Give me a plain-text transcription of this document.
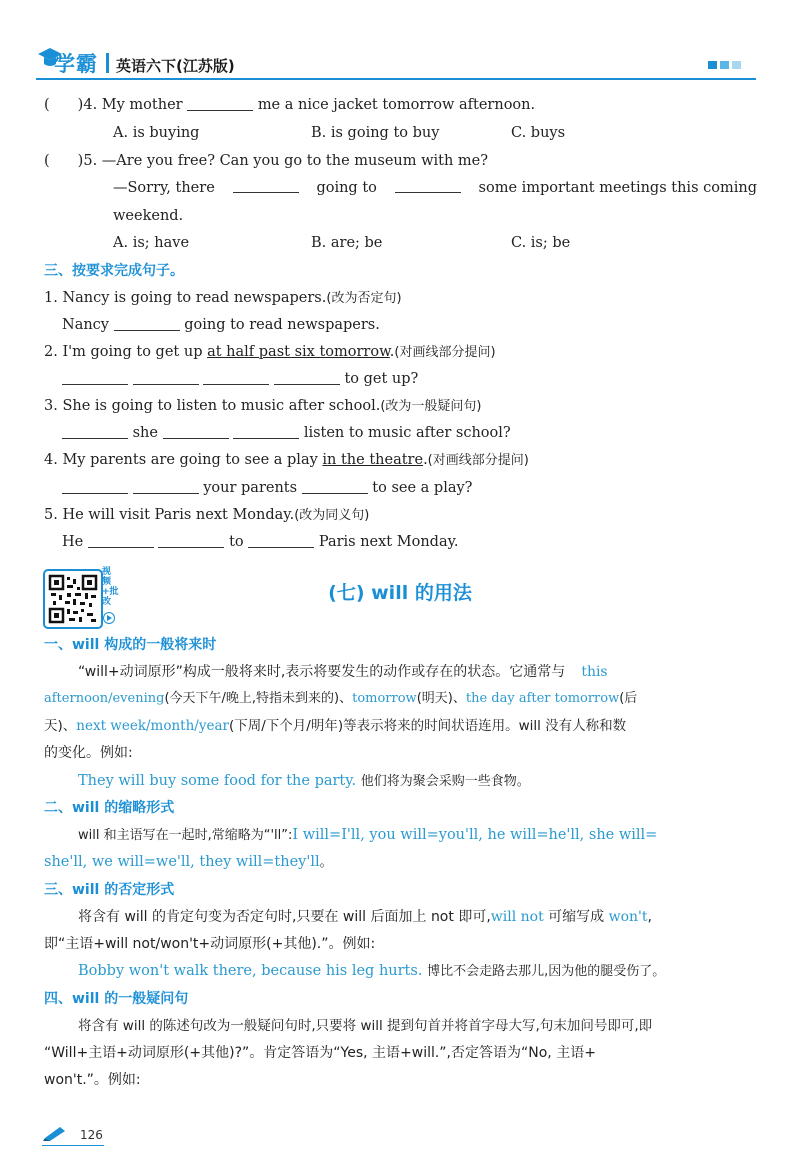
学霸 英语六下(江苏版)
( )4. My mother	me a nice jacket tomorrow afternoon.
A. is buying	B. is going to buy	C. buys
( )5. —Are you free? Can you go to the museum with me?
—Sorry, there	going to	some important meetings this coming
weekend.
A. is; have	B. are; be	C. is; be
三、按要求完成句子。
1. Nancy is going to read newspapers.(改为否定句)
Nancy	going to read newspapers.
2. I'm going to get up at half past six tomorrow.(对画线部分提问)
to get up?
3. She is going to listen to music after school.(改为一般疑问句)
she	listen to music after school?
4. My parents are going to see a play in the theatre.(对画线部分提问)
your parents	to see a play?
5. He will visit Paris next Monday.(改为同义句)
He	to	Paris next Monday.
视频+批改	(七) will 的用法
一、will 构成的一般将来时
“will+动词原形”构成一般将来时,表示将要发生的动作或存在的状态。它通常与 this
afternoon/evening(今天下午/晚上,特指未到来的)、tomorrow(明天)、the day after tomorrow(后
天)、next week/month/year(下周/下个月/明年)等表示将来的时间状语连用。will 没有人称和数
的变化。例如:
They will buy some food for the party. 他们将为聚会采购一些食物。
二、will 的缩略形式
will 和主语写在一起时,常缩略为“'ll”:I will=I'll, you will=you'll, he will=he'll, she will=
she'll, we will=we'll, they will=they'll。
三、will 的否定形式
将含有 will 的肯定句变为否定句时,只要在 will 后面加上 not 即可,will not 可缩写成 won't,
即“主语+will not/won't+动词原形(+其他).”。例如:
Bobby won't walk there, because his leg hurts. 博比不会走路去那儿,因为他的腿受伤了。
四、will 的一般疑问句
将含有 will 的陈述句改为一般疑问句时,只要将 will 提到句首并将首字母大写,句末加问号即可,即
“Will+主语+动词原形(+其他)?”。肯定答语为“Yes, 主语+will.”,否定答语为“No, 主语+
won't.”。例如:
126
